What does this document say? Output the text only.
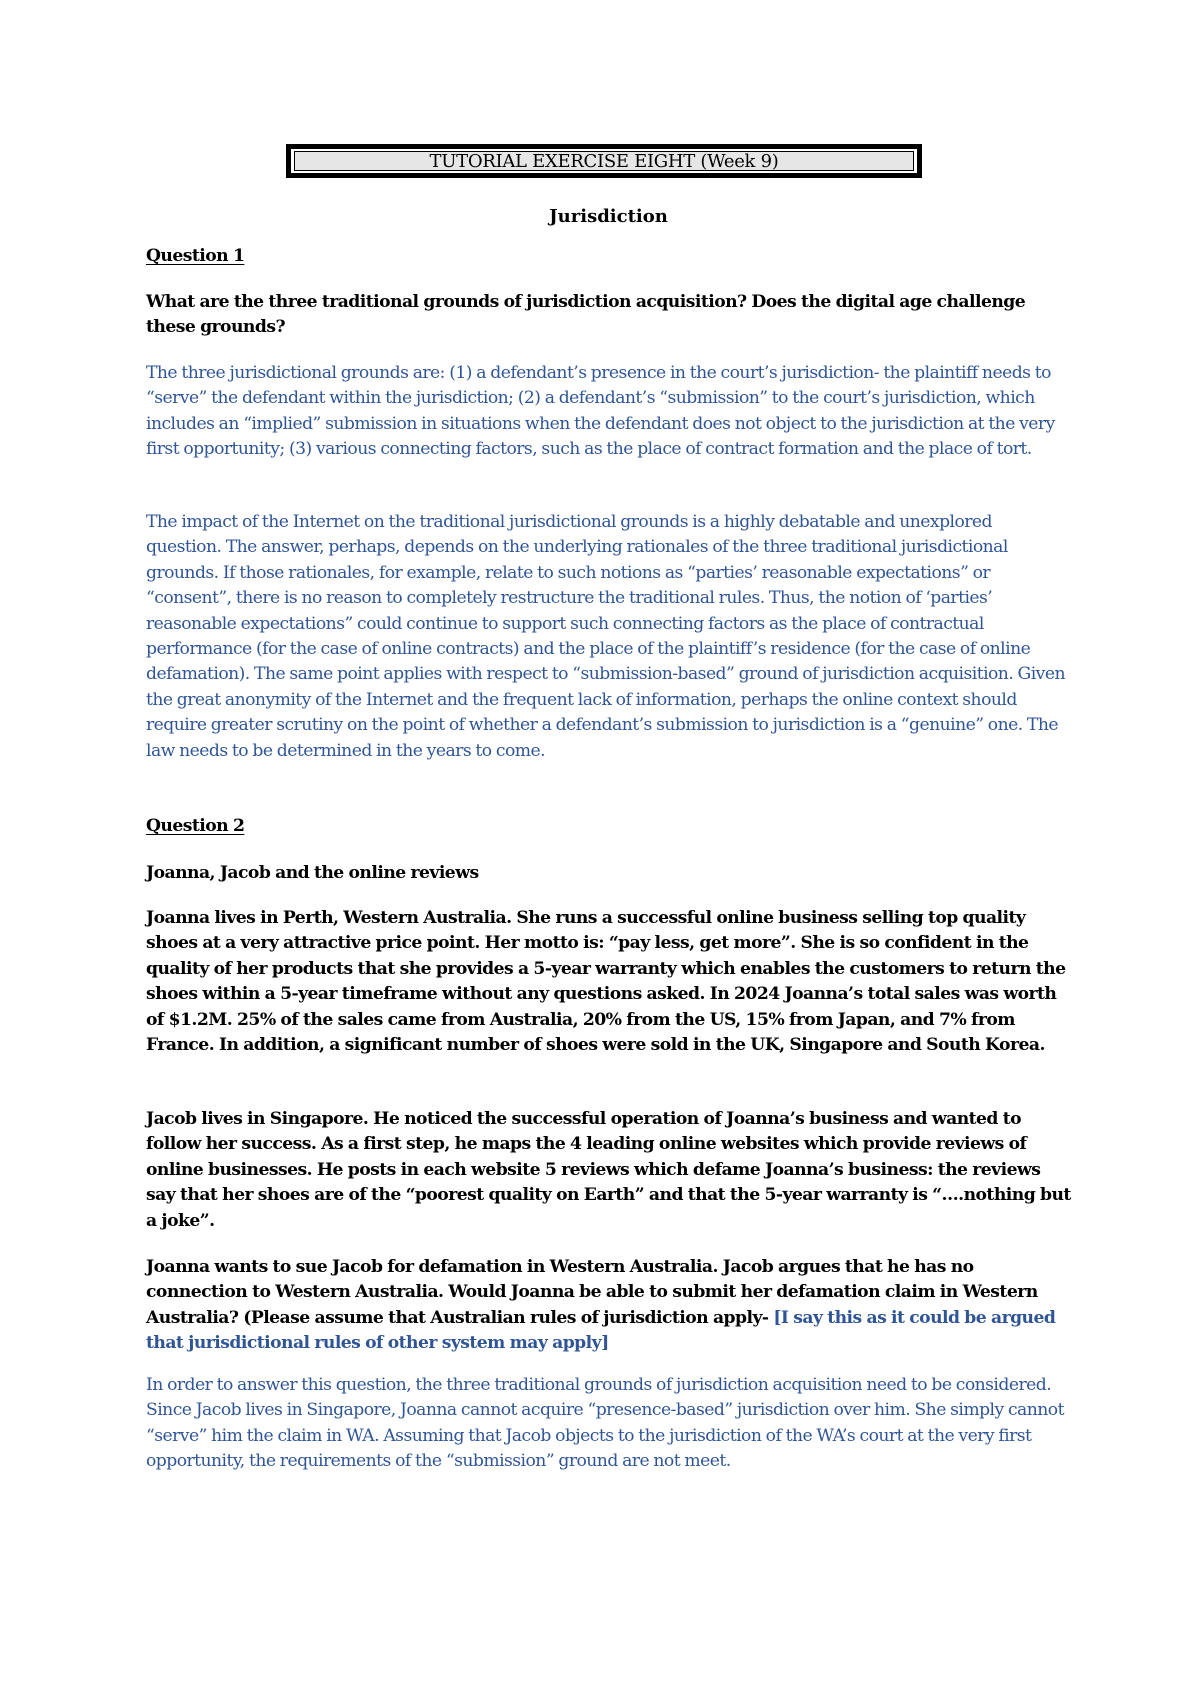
TUTORIAL EXERCISE EIGHT (Week 9)
Jurisdiction
Question 1
What are the three traditional grounds of jurisdiction acquisition? Does the digital age challenge these grounds?
The three jurisdictional grounds are: (1) a defendant’s presence in the court’s jurisdiction- the plaintiff needs to “serve” the defendant within the jurisdiction; (2) a defendant’s “submission” to the court’s jurisdiction, which includes an “implied” submission in situations when the defendant does not object to the jurisdiction at the very first opportunity; (3) various connecting factors, such as the place of contract formation and the place of tort.
The impact of the Internet on the traditional jurisdictional grounds is a highly debatable and unexplored question. The answer, perhaps, depends on the underlying rationales of the three traditional jurisdictional grounds. If those rationales, for example, relate to such notions as “parties’ reasonable expectations” or “consent”, there is no reason to completely restructure the traditional rules. Thus, the notion of ‘parties’ reasonable expectations” could continue to support such connecting factors as the place of contractual performance (for the case of online contracts) and the place of the plaintiff’s residence (for the case of online defamation). The same point applies with respect to “submission-based” ground of jurisdiction acquisition. Given the great anonymity of the Internet and the frequent lack of information, perhaps the online context should require greater scrutiny on the point of whether a defendant’s submission to jurisdiction is a “genuine” one. The law needs to be determined in the years to come.
Question 2
Joanna, Jacob and the online reviews
Joanna lives in Perth, Western Australia. She runs a successful online business selling top quality shoes at a very attractive price point. Her motto is: “pay less, get more”. She is so confident in the quality of her products that she provides a 5-year warranty which enables the customers to return the shoes within a 5-year timeframe without any questions asked. In 2024 Joanna’s total sales was worth of $1.2M. 25% of the sales came from Australia, 20% from the US, 15% from Japan, and 7% from France. In addition, a significant number of shoes were sold in the UK, Singapore and South Korea.
Jacob lives in Singapore. He noticed the successful operation of Joanna’s business and wanted to follow her success. As a first step, he maps the 4 leading online websites which provide reviews of online businesses. He posts in each website 5 reviews which defame Joanna’s business: the reviews say that her shoes are of the “poorest quality on Earth” and that the 5-year warranty is “….nothing but a joke”.
Joanna wants to sue Jacob for defamation in Western Australia. Jacob argues that he has no connection to Western Australia. Would Joanna be able to submit her defamation claim in Western Australia? (Please assume that Australian rules of jurisdiction apply- [I say this as it could be argued that jurisdictional rules of other system may apply]
In order to answer this question, the three traditional grounds of jurisdiction acquisition need to be considered. Since Jacob lives in Singapore, Joanna cannot acquire “presence-based” jurisdiction over him. She simply cannot “serve” him the claim in WA. Assuming that Jacob objects to the jurisdiction of the WA’s court at the very first opportunity, the requirements of the “submission” ground are not meet.
